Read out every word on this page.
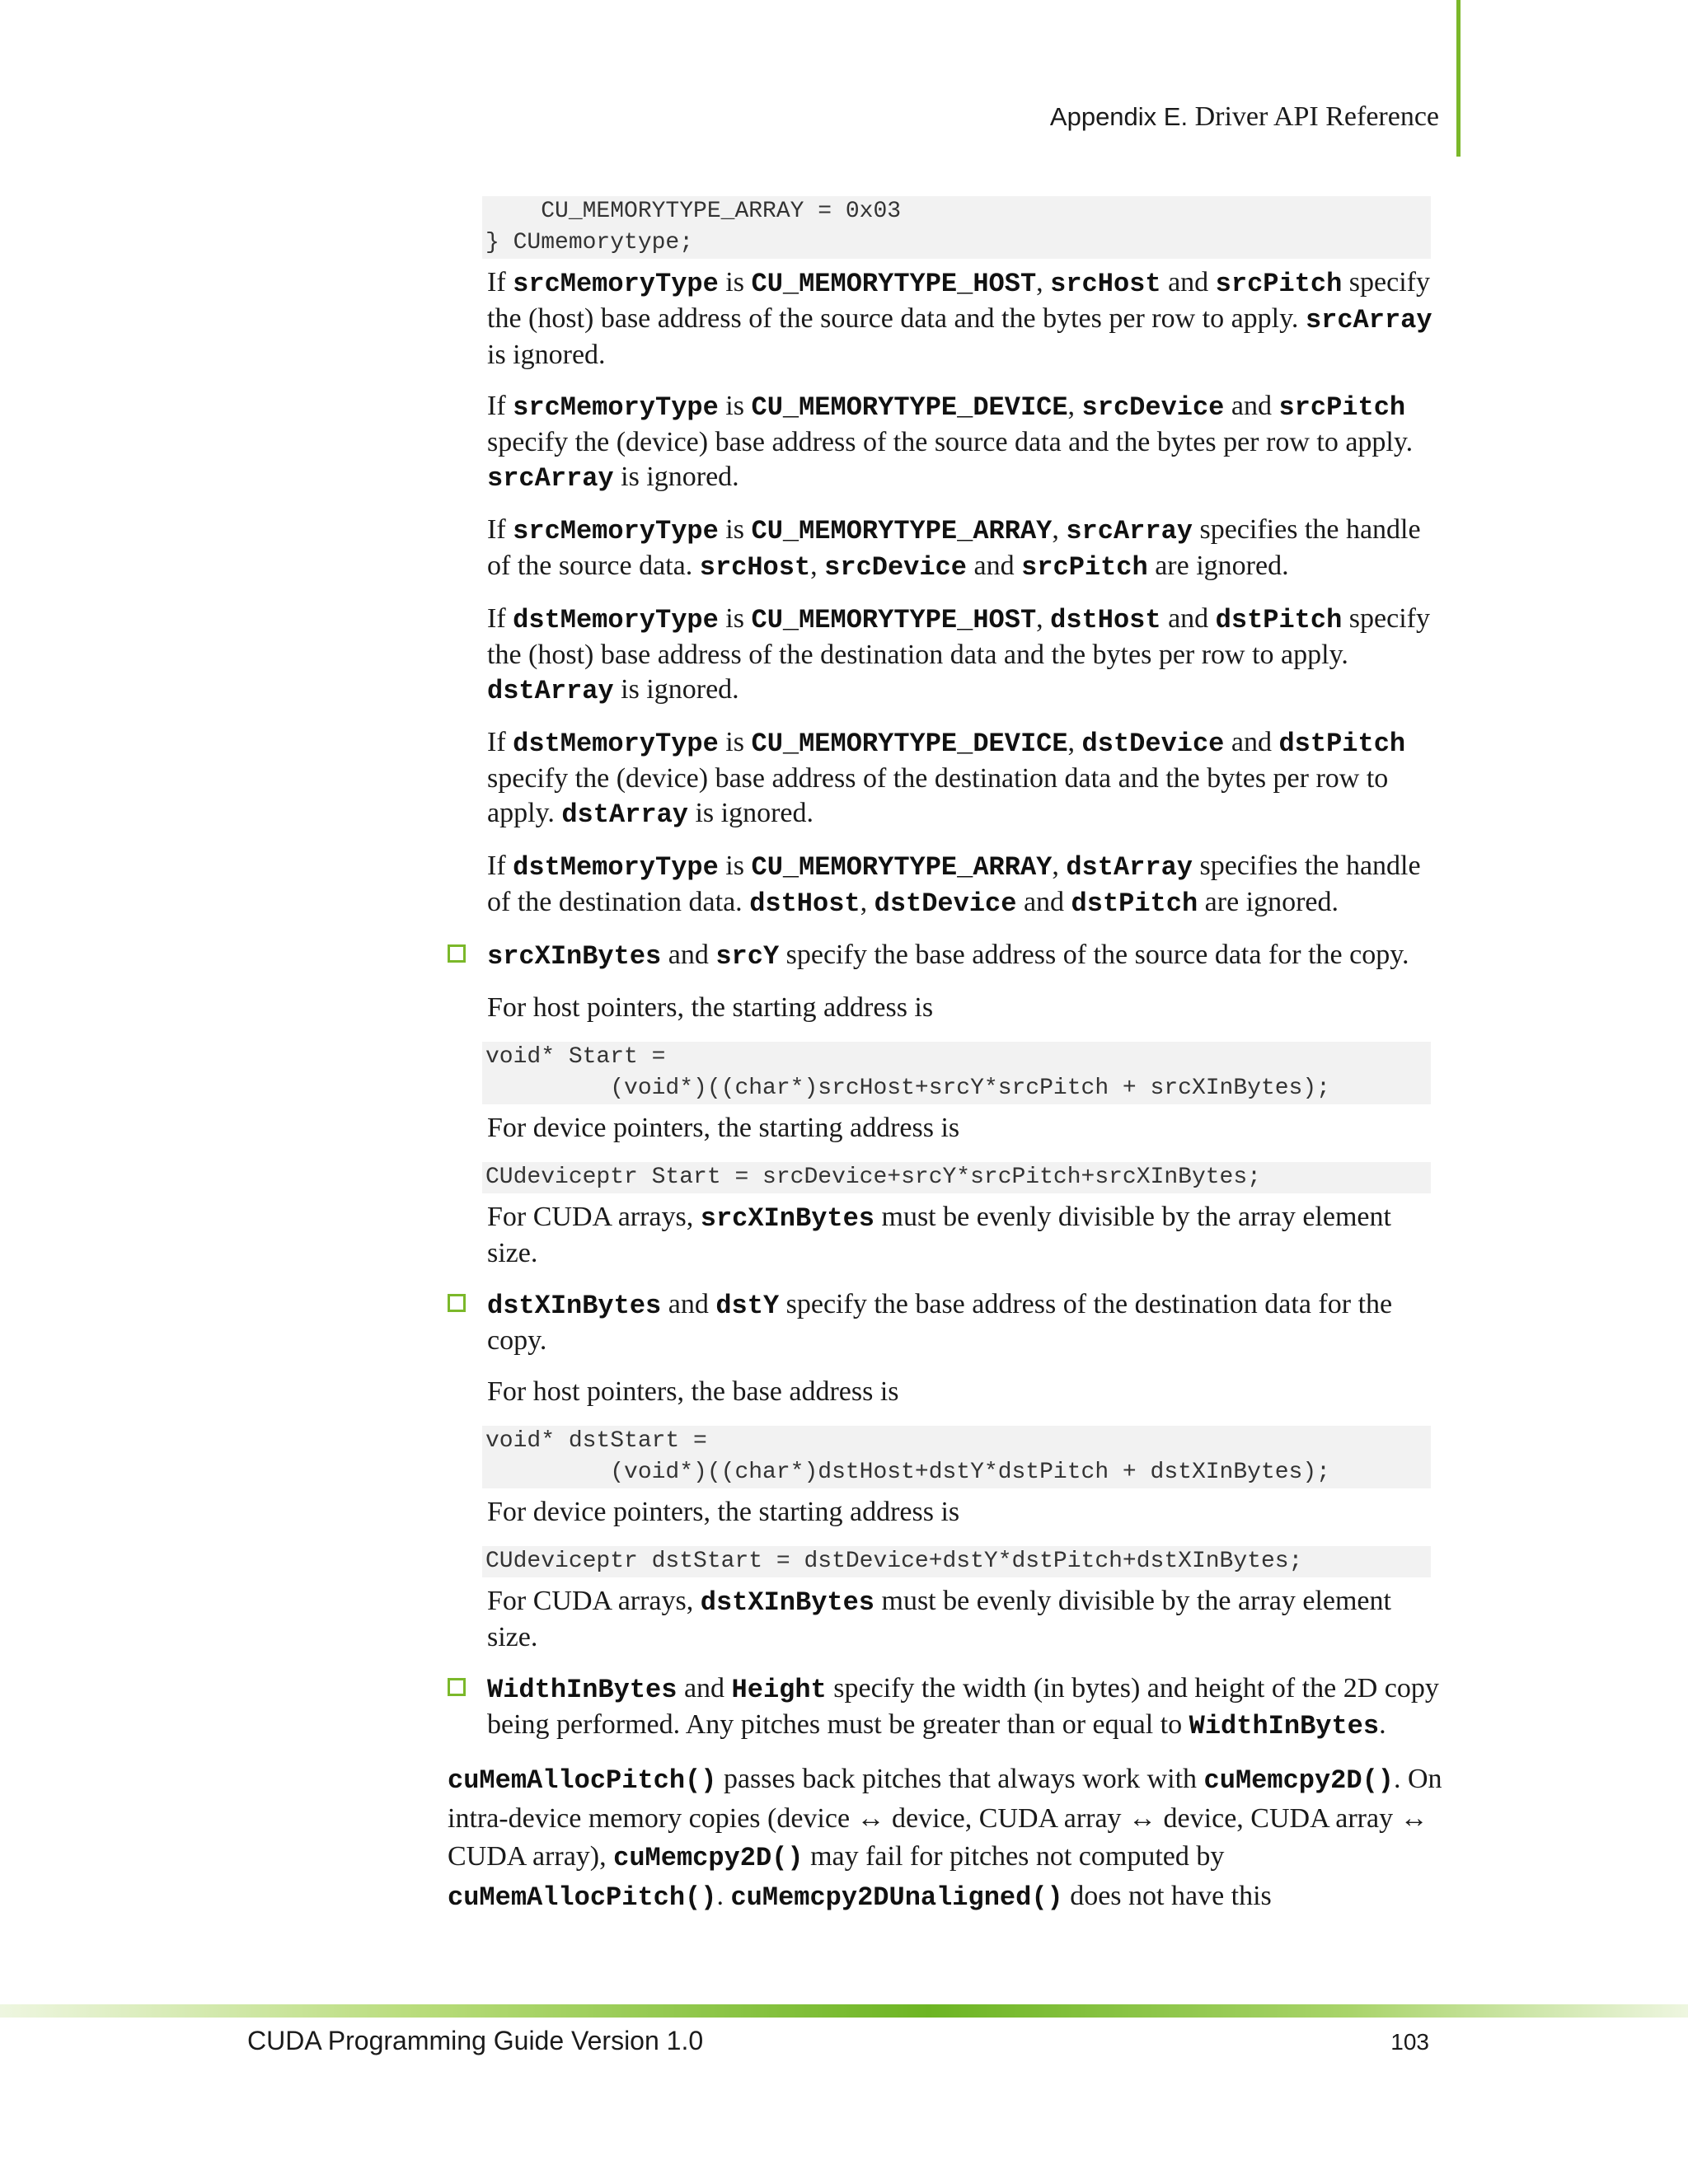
Appendix E. Driver API Reference
CU_MEMORYTYPE_ARRAY = 0x03
} CUmemorytype;

If srcMemoryType is CU_MEMORYTYPE_HOST, srcHost and srcPitch specify the (host) base address of the source data and the bytes per row to apply. srcArray is ignored.

If srcMemoryType is CU_MEMORYTYPE_DEVICE, srcDevice and srcPitch specify the (device) base address of the source data and the bytes per row to apply. srcArray is ignored.

If srcMemoryType is CU_MEMORYTYPE_ARRAY, srcArray specifies the handle of the source data. srcHost, srcDevice and srcPitch are ignored.

If dstMemoryType is CU_MEMORYTYPE_HOST, dstHost and dstPitch specify the (host) base address of the destination data and the bytes per row to apply. dstArray is ignored.

If dstMemoryType is CU_MEMORYTYPE_DEVICE, dstDevice and dstPitch specify the (device) base address of the destination data and the bytes per row to apply. dstArray is ignored.

If dstMemoryType is CU_MEMORYTYPE_ARRAY, dstArray specifies the handle of the destination data. dstHost, dstDevice and dstPitch are ignored.

srcXInBytes and srcY specify the base address of the source data for the copy.

For host pointers, the starting address is

void* Start =
(void*)((char*)srcHost+srcY*srcPitch + srcXInBytes);

For device pointers, the starting address is

CUdeviceptr Start = srcDevice+srcY*srcPitch+srcXInBytes;

For CUDA arrays, srcXInBytes must be evenly divisible by the array element size.

dstXInBytes and dstY specify the base address of the destination data for the copy.

For host pointers, the base address is

void* dstStart =
(void*)((char*)dstHost+dstY*dstPitch + dstXInBytes);

For device pointers, the starting address is

CUdeviceptr dstStart = dstDevice+dstY*dstPitch+dstXInBytes;

For CUDA arrays, dstXInBytes must be evenly divisible by the array element size.

WidthInBytes and Height specify the width (in bytes) and height of the 2D copy being performed. Any pitches must be greater than or equal to WidthInBytes.

cuMemAllocPitch() passes back pitches that always work with cuMemcpy2D(). On intra-device memory copies (device ↔ device, CUDA array ↔ device, CUDA array ↔ CUDA array), cuMemcpy2D() may fail for pitches not computed by cuMemAllocPitch(). cuMemcpy2DUnaligned() does not have this

CUDA Programming Guide Version 1.0	103
